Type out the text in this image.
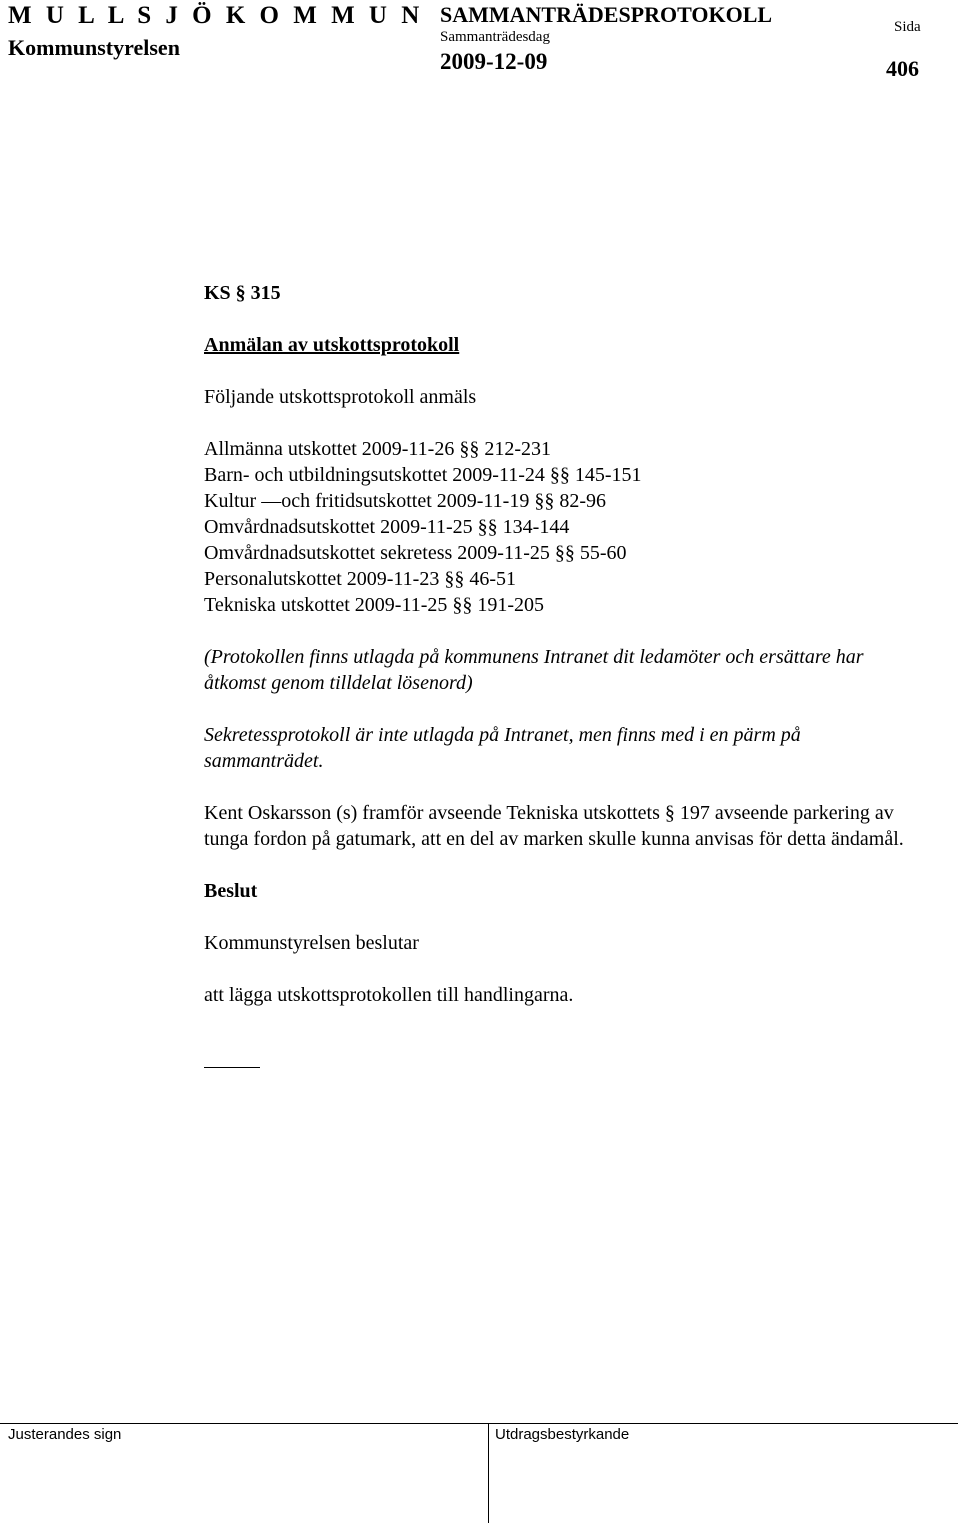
M U L L S J Ö K O M M U N
Kommunstyrelsen
SAMMANTRÄDESPROTOKOLL
Sammanträdesdag
2009-12-09
Sida
406

KS § 315

Anmälan av utskottsprotokoll

Följande utskottsprotokoll anmäls

Allmänna utskottet 2009-11-26 §§ 212-231
Barn- och utbildningsutskottet 2009-11-24 §§ 145-151
Kultur —och fritidsutskottet 2009-11-19 §§ 82-96
Omvårdnadsutskottet 2009-11-25 §§ 134-144
Omvårdnadsutskottet sekretess 2009-11-25 §§ 55-60
Personalutskottet 2009-11-23 §§ 46-51
Tekniska utskottet 2009-11-25 §§ 191-205

(Protokollen finns utlagda på kommunens Intranet dit ledamöter och ersättare har åtkomst genom tilldelat lösenord)

Sekretessprotokoll är inte utlagda på Intranet, men finns med i en pärm på sammanträdet.

Kent Oskarsson (s) framför avseende Tekniska utskottets § 197 avseende parkering av tunga fordon på gatumark, att en del av marken skulle kunna anvisas för detta ändamål.

Beslut

Kommunstyrelsen beslutar

att lägga utskottsprotokollen till handlingarna.

Justerandes sign	Utdragsbestyrkande
